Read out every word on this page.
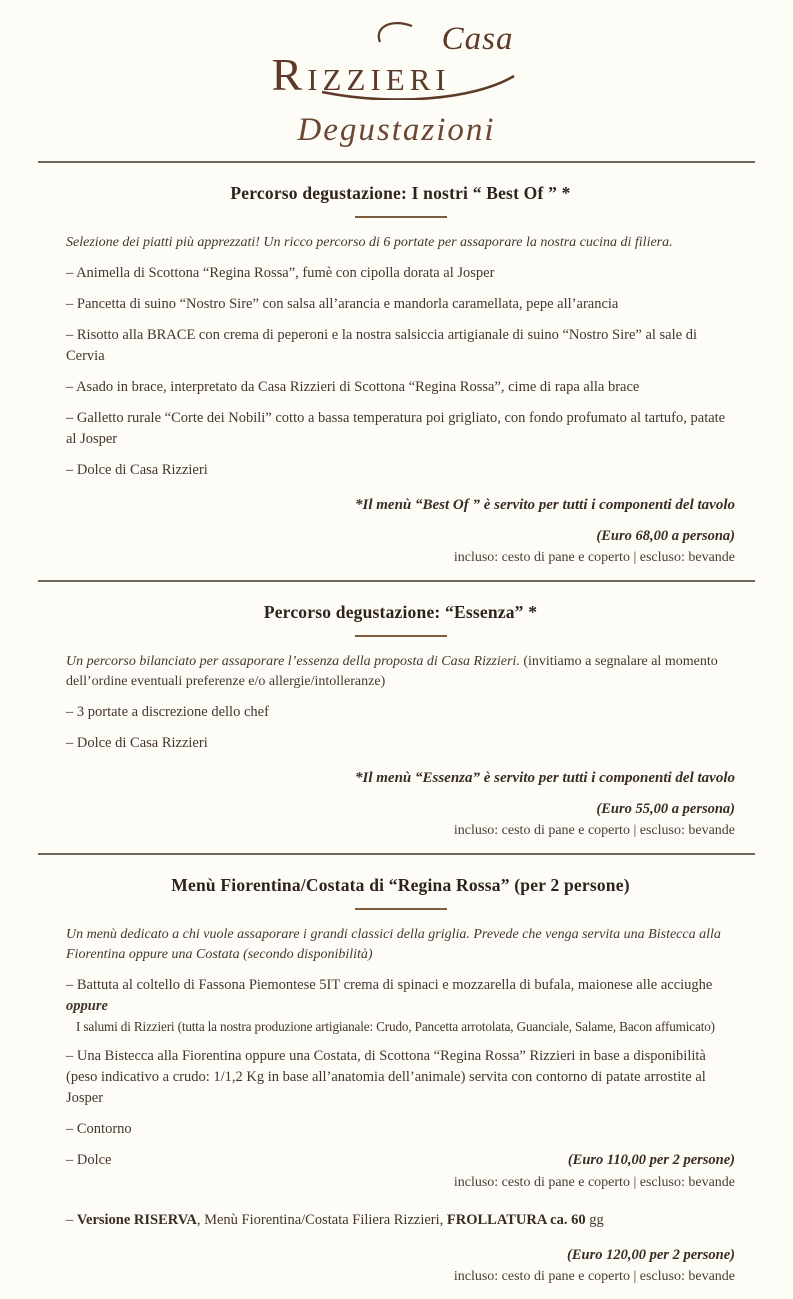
Casa
RIZZIERI
Degustazioni
Percorso degustazione: I nostri “ Best Of ” *

Selezione dei piatti più apprezzati! Un ricco percorso di 6 portate per assaporare la nostra cucina di filiera.

– Animella di Scottona “Regina Rossa”, fumè con cipolla dorata al Josper

– Pancetta di suino “Nostro Sire” con salsa all’arancia e mandorla caramellata, pepe all’arancia

– Risotto alla BRACE con crema di peperoni e la nostra salsiccia artigianale di suino “Nostro Sire” al sale di Cervia

– Asado in brace, interpretato da Casa Rizzieri di Scottona “Regina Rossa”, cime di rapa alla brace

– Galletto rurale “Corte dei Nobili” cotto a bassa temperatura poi grigliato, con fondo profumato al tartufo, patate al Josper

– Dolce di Casa Rizzieri

*Il menù “Best Of ” è servito per tutti i componenti del tavolo
(Euro 68,00 a persona)
incluso: cesto di pane e coperto | escluso: bevande
Percorso degustazione: “Essenza” *

Un percorso bilanciato per assaporare l’essenza della proposta di Casa Rizzieri. (invitiamo a segnalare al momento dell’ordine eventuali preferenze e/o allergie/intolleranze)

– 3 portate a discrezione dello chef

– Dolce di Casa Rizzieri

*Il menù “Essenza” è servito per tutti i componenti del tavolo
(Euro 55,00 a persona)
incluso: cesto di pane e coperto | escluso: bevande
Menù Fiorentina/Costata di “Regina Rossa” (per 2 persone)

Un menù dedicato a chi vuole assaporare i grandi classici della griglia. Prevede che venga servita una Bistecca alla Fiorentina oppure una Costata (secondo disponibilità)

– Battuta al coltello di Fassona Piemontese 5IT crema di spinaci e mozzarella di bufala, maionese alle acciughe oppure
I salumi di Rizzieri (tutta la nostra produzione artigianale: Crudo, Pancetta arrotolata, Guanciale, Salame, Bacon affumicato)

– Una Bistecca alla Fiorentina oppure una Costata, di Scottona “Regina Rossa” Rizzieri in base a disponibilità (peso indicativo a crudo: 1/1,2 Kg in base all’anatomia dell’animale) servita con contorno di patate arrostite al Josper

– Contorno

– Dolce	(Euro 110,00 per 2 persone)
incluso: cesto di pane e coperto | escluso: bevande

– Versione RISERVA, Menù Fiorentina/Costata Filiera Rizzieri, FROLLATURA ca. 60 gg

(Euro 120,00 per 2 persone)
incluso: cesto di pane e coperto | escluso: bevande
